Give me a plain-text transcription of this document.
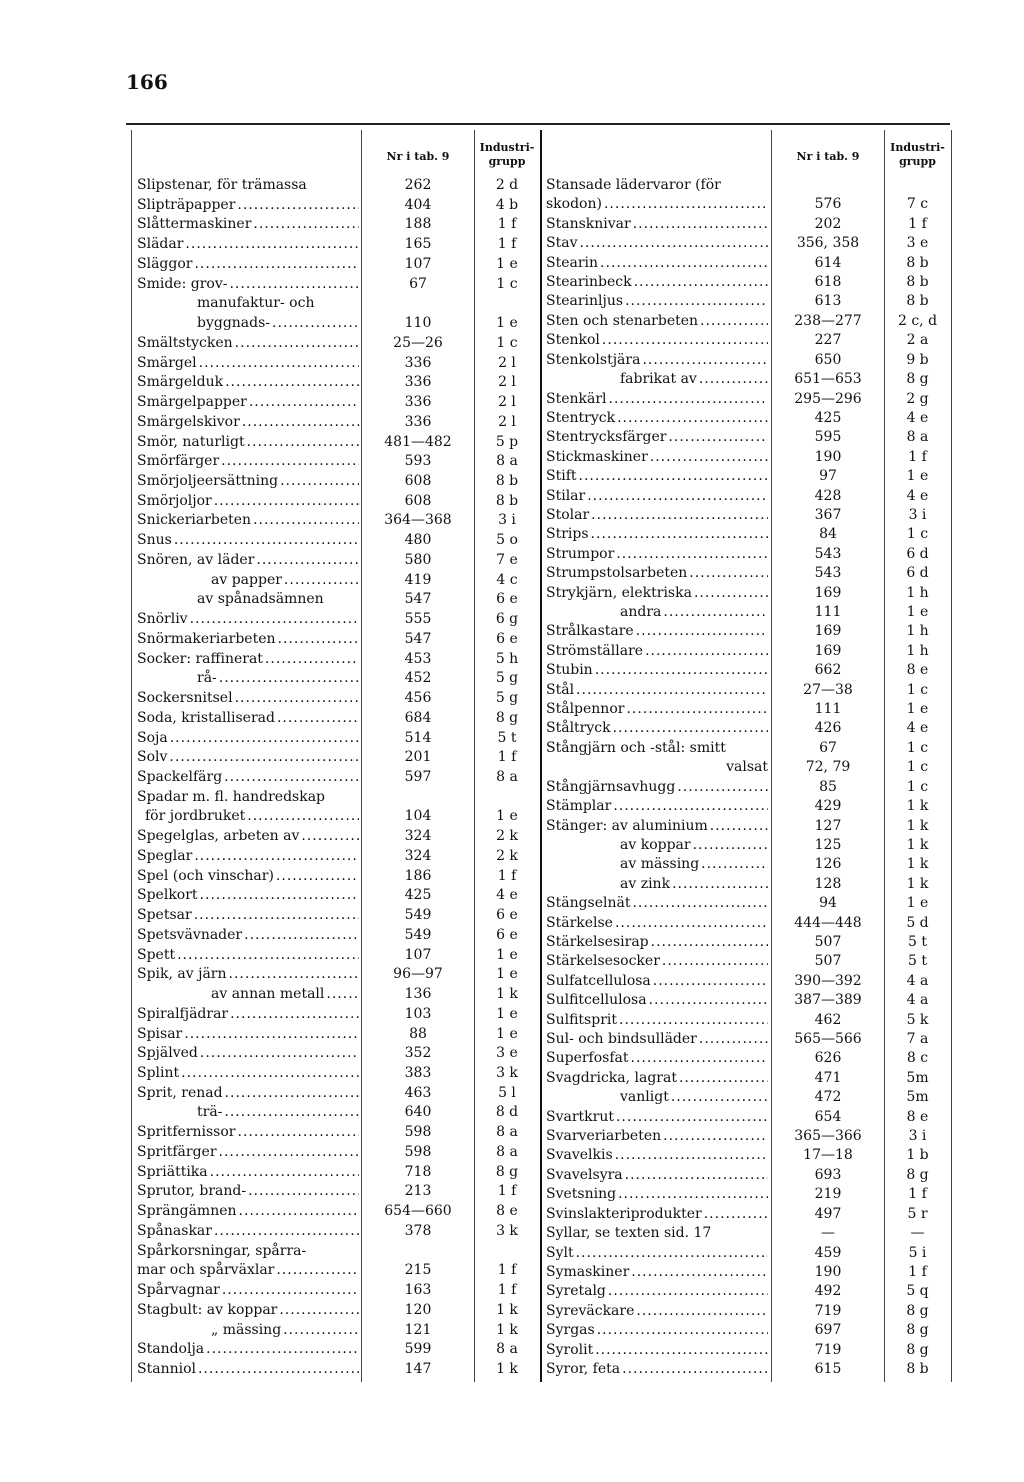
166
Nr i tab. 9
Industri-
grupp	Nr i tab. 9
Industri-
grupp
Slipstenar, för trämassa	262	2 d
Slipträpapper .....	404	4 b
Slåttermaskiner .....	188	1 f
Slädar .....	165	1 f
Släggor .....	107	1 e
Smide: grov- .....	67	1 c
manufaktur- och
byggnads- .....	110	1 e
Smältstycken .....	25—26	1 c
Smärgel .....	336	2 l
Smärgelduk .....	336	2 l
Smärgelpapper .....	336	2 l
Smärgelskivor .....	336	2 l
Smör, naturligt .....	481—482	5 p
Smörfärger .....	593	8 a
Smörjoljeersättning .....	608	8 b
Smörjoljor .....	608	8 b
Snickeriarbeten .....	364—368	3 i
Snus .....	480	5 o
Snören, av läder .....	580	7 e
av papper .....	419	4 c
av spånadsämnen	547	6 e
Snörliv .....	555	6 g
Snörmakeriarbeten .....	547	6 e
Socker: raffinerat .....	453	5 h
rå- .....	452	5 g
Sockersnitsel .....	456	5 g
Soda, kristalliserad .....	684	8 g
Soja .....	514	5 t
Solv .....	201	1 f
Spackelfärg .....	597	8 a
Spadar m. fl. handredskap
för jordbruket .....	104	1 e
Spegelglas, arbeten av .....	324	2 k
Speglar .....	324	2 k
Spel (och vinschar) .....	186	1 f
Spelkort .....	425	4 e
Spetsar .....	549	6 e
Spetsvävnader .....	549	6 e
Spett .....	107	1 e
Spik, av järn .....	96—97	1 e
av annan metall .....	136	1 k
Spiralfjädrar .....	103	1 e
Spisar .....	88	1 e
Spjälved .....	352	3 e
Splint .....	383	3 k
Sprit, renad .....	463	5 l
trä- .....	640	8 d
Spritfernissor .....	598	8 a
Spritfärger .....	598	8 a
Spriättika .....	718	8 g
Sprutor, brand- .....	213	1 f
Sprängämnen .....	654—660	8 e
Spånaskar .....	378	3 k
Spårkorsningar, spårra-
mar och spårväxlar .....	215	1 f
Spårvagnar .....	163	1 f
Stagbult: av koppar .....	120	1 k
„ mässing .....	121	1 k
Standolja .....	599	8 a
Stanniol .....	147	1 k
Stansade lädervaror (för
skodon) .....	576	7 c
Stansknivar .....	202	1 f
Stav .....	356, 358	3 e
Stearin .....	614	8 b
Stearinbeck .....	618	8 b
Stearinljus .....	613	8 b
Sten och stenarbeten .....	238—277	2 c, d
Stenkol .....	227	2 a
Stenkolstjära .....	650	9 b
fabrikat av .....	651—653	8 g
Stenkärl .....	295—296	2 g
Stentryck .....	425	4 e
Stentrycksfärger .....	595	8 a
Stickmaskiner .....	190	1 f
Stift .....	97	1 e
Stilar .....	428	4 e
Stolar .....	367	3 i
Strips .....	84	1 c
Strumpor .....	543	6 d
Strumpstolsarbeten .....	543	6 d
Strykjärn, elektriska .....	169	1 h
andra .....	111	1 e
Strålkastare .....	169	1 h
Strömställare .....	169	1 h
Stubin .....	662	8 e
Stål .....	27—38	1 c
Stålpennor .....	111	1 e
Ståltryck .....	426	4 e
Stångjärn och -stål: smitt	67	1 c
valsat	72, 79	1 c
Stångjärnsavhugg .....	85	1 c
Stämplar .....	429	1 k
Stänger: av aluminium .....	127	1 k
av koppar .....	125	1 k
av mässing .....	126	1 k
av zink .....	128	1 k
Stängselnät .....	94	1 e
Stärkelse .....	444—448	5 d
Stärkelsesirap .....	507	5 t
Stärkelsesocker .....	507	5 t
Sulfatcellulosa .....	390—392	4 a
Sulfitcellulosa .....	387—389	4 a
Sulfitsprit .....	462	5 k
Sul- och bindsulläder .....	565—566	7 a
Superfosfat .....	626	8 c
Svagdricka, lagrat .....	471	5m
vanligt .....	472	5m
Svartkrut .....	654	8 e
Svarveriarbeten .....	365—366	3 i
Svavelkis .....	17—18	1 b
Svavelsyra .....	693	8 g
Svetsning .....	219	1 f
Svinslakteriprodukter .....	497	5 r
Syllar, se texten sid. 17	—	—
Sylt .....	459	5 i
Symaskiner .....	190	1 f
Syretalg .....	492	5 q
Syreväckare .....	719	8 g
Syrgas .....	697	8 g
Syrolit .....	719	8 g
Syror, feta .....	615	8 b
